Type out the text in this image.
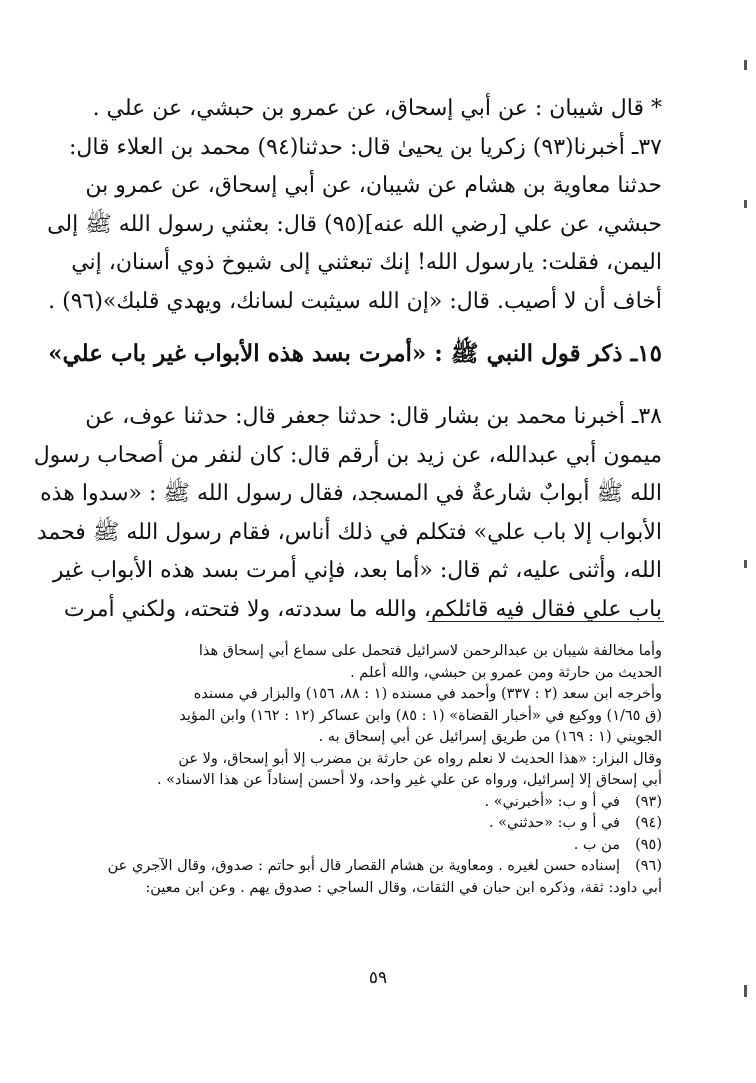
* قال شيبان : عن أبي إسحاق، عن عمرو بن حبشي، عن علي .
٣٧ـ أخبرنا(٩٣) زكريا بن يحيىٰ قال: حدثنا(٩٤) محمد بن العلاء قال:
حدثنا معاوية بن هشام عن شيبان، عن أبي إسحاق، عن عمرو بن
حبشي، عن علي [رضي الله عنه](٩٥) قال: بعثني رسول الله ﷺ إلى
اليمن، فقلت: يارسول الله! إنك تبعثني إلى شيوخ ذوي أسنان، إني
أخاف أن لا أصيب. قال: «إن الله سيثبت لسانك، ويهدي قلبك»(٩٦) .
١٥ـ ذكر قول النبي ﷺ : «أمرت بسد هذه الأبواب غير باب علي»
٣٨ـ أخبرنا محمد بن بشار قال: حدثنا جعفر قال: حدثنا عوف، عن
ميمون أبي عبدالله، عن زيد بن أرقم قال: كان لنفر من أصحاب رسول
الله ﷺ أبوابٌ شارعةٌ في المسجد، فقال رسول الله ﷺ : «سدوا هذه
الأبواب إلا باب علي» فتكلم في ذلك أناس، فقام رسول الله ﷺ فحمد
الله، وأثنى عليه، ثم قال: «أما بعد، فإني أمرت بسد هذه الأبواب غير
باب علي فقال فيه قائلكم، والله ما سددته، ولا فتحته، ولكني أمرت
وأما مخالفة شيبان بن عبدالرحمن لاسرائيل فتحمل على سماع أبي إسحاق هذا
الحديث من حارثة ومن عمرو بن حبشي، والله أعلم .
وأخرجه ابن سعد (٢ : ٣٣٧) وأحمد في مسنده (١ : ٨٨، ١٥٦) والبزار في مسنده
(ق ١/٦٥) ووكيع في «أخبار القضاة» (١ : ٨٥) وابن عساكر (١٢ : ١٦٢) وابن المؤيد
الجويني (١ : ١٦٩) من طريق إسرائيل عن أبي إسحاق به .
وقال البزار: «هذا الحديث لا نعلم رواه عن حارثة بن مضرب إلا أبو إسحاق، ولا عن
أبي إسحاق إلا إسرائيل، ورواه عن علي غير واحد، ولا أحسن إسناداً عن هذا الاسناد» .
(٩٣)
في أ و ب: «أخبرني» .
(٩٤)
في أ و ب: «حدثني» .
(٩٥)
من ب .
(٩٦)
إسناده حسن لغيره . ومعاوية بن هشام القصار قال أبو حاتم : صدوق، وقال الآجري عن
أبي داود: ثقة، وذكره ابن حبان في الثقات، وقال الساجي : صدوق يهم . وعن ابن معين:
٥٩
